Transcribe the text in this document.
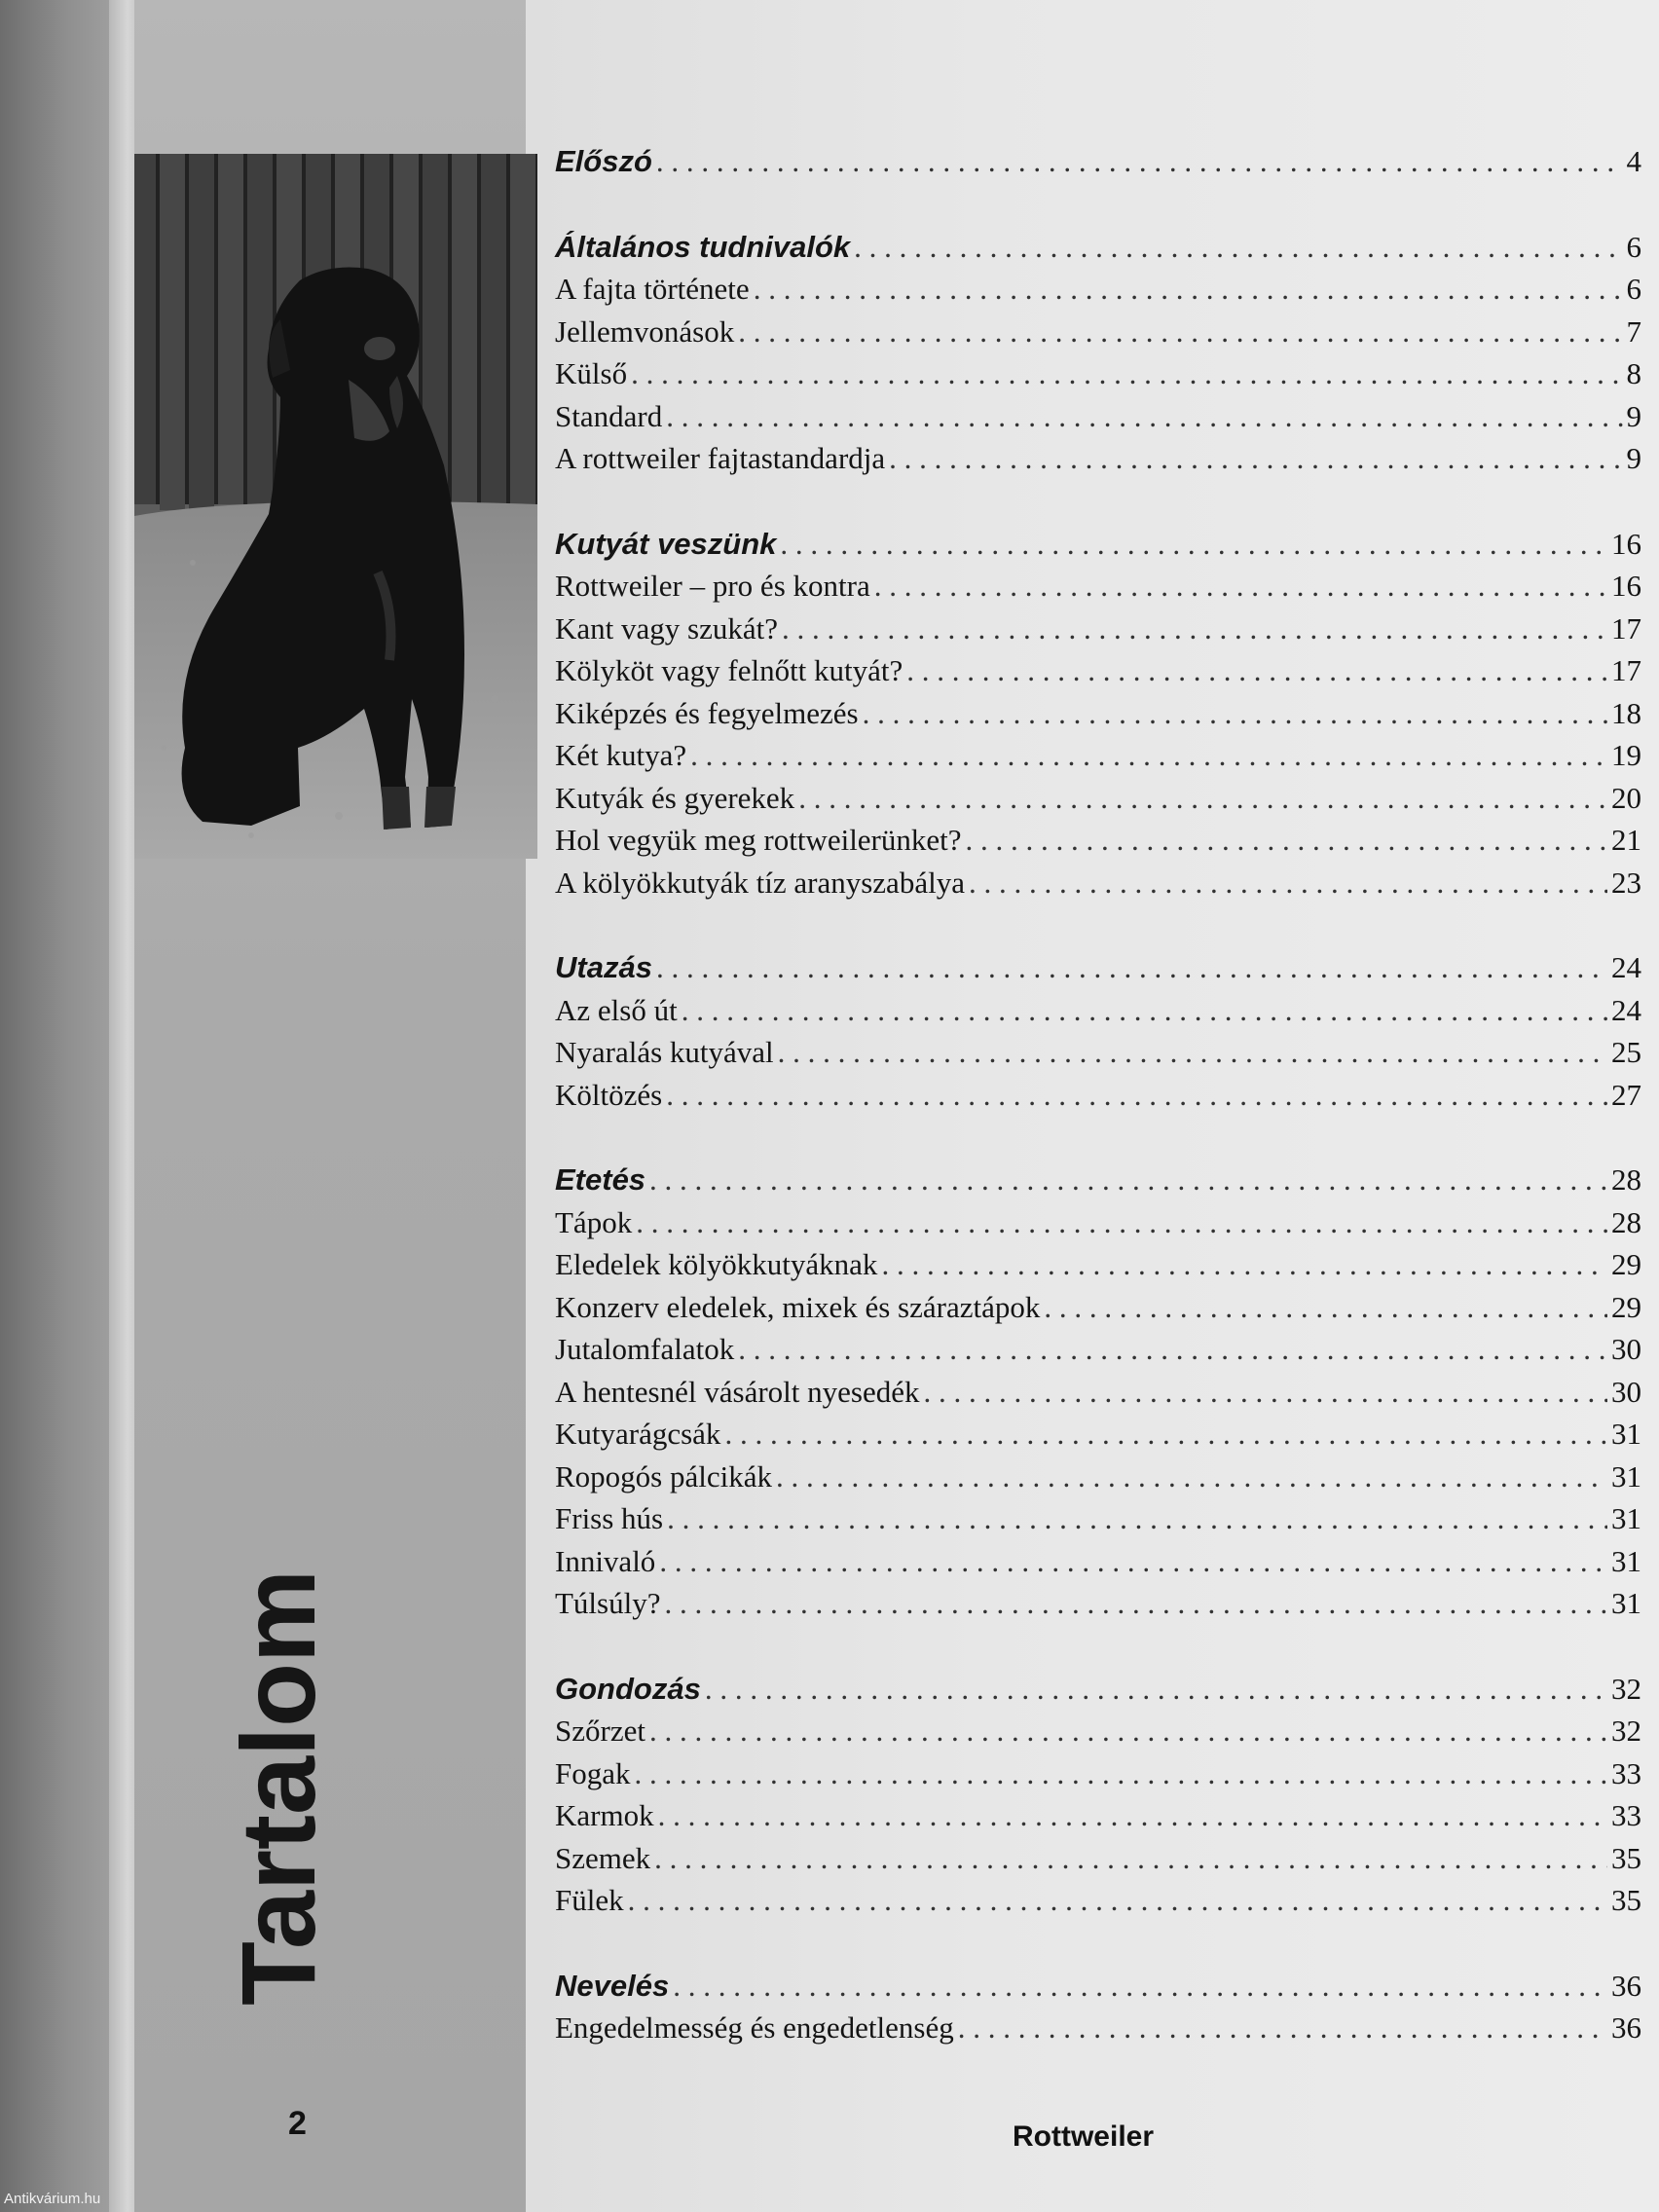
Tartalom
2	Rottweiler
Antikvárium.hu
Előszó . . .	4
Általános tudnivalók . . .	6
A fajta története . . .	6
Jellemvonások . . .	7
Külső . . .	8
Standard . . .	9
A rottweiler fajtastandardja . . .	9
Kutyát veszünk . . .	16
Rottweiler – pro és kontra . . .	16
Kant vagy szukát? . . .	17
Kölyköt vagy felnőtt kutyát? . . .	17
Kiképzés és fegyelmezés . . .	18
Két kutya? . . .	19
Kutyák és gyerekek . . .	20
Hol vegyük meg rottweilerünket? . . .	21
A kölyökkutyák tíz aranyszabálya . . .	23
Utazás . . .	24
Az első út . . .	24
Nyaralás kutyával . . .	25
Költözés . . .	27
Etetés . . .	28
Tápok . . .	28
Eledelek kölyökkutyáknak . . .	29
Konzerv eledelek, mixek és száraztápok . . .	29
Jutalomfalatok . . .	30
A hentesnél vásárolt nyesedék . . .	30
Kutyarágcsák . . .	31
Ropogós pálcikák . . .	31
Friss hús . . .	31
Innivaló . . .	31
Túlsúly? . . .	31
Gondozás . . .	32
Szőrzet . . .	32
Fogak . . .	33
Karmok . . .	33
Szemek . . .	35
Fülek . . .	35
Nevelés . . .	36
Engedelmesség és engedetlenség . . .	36
